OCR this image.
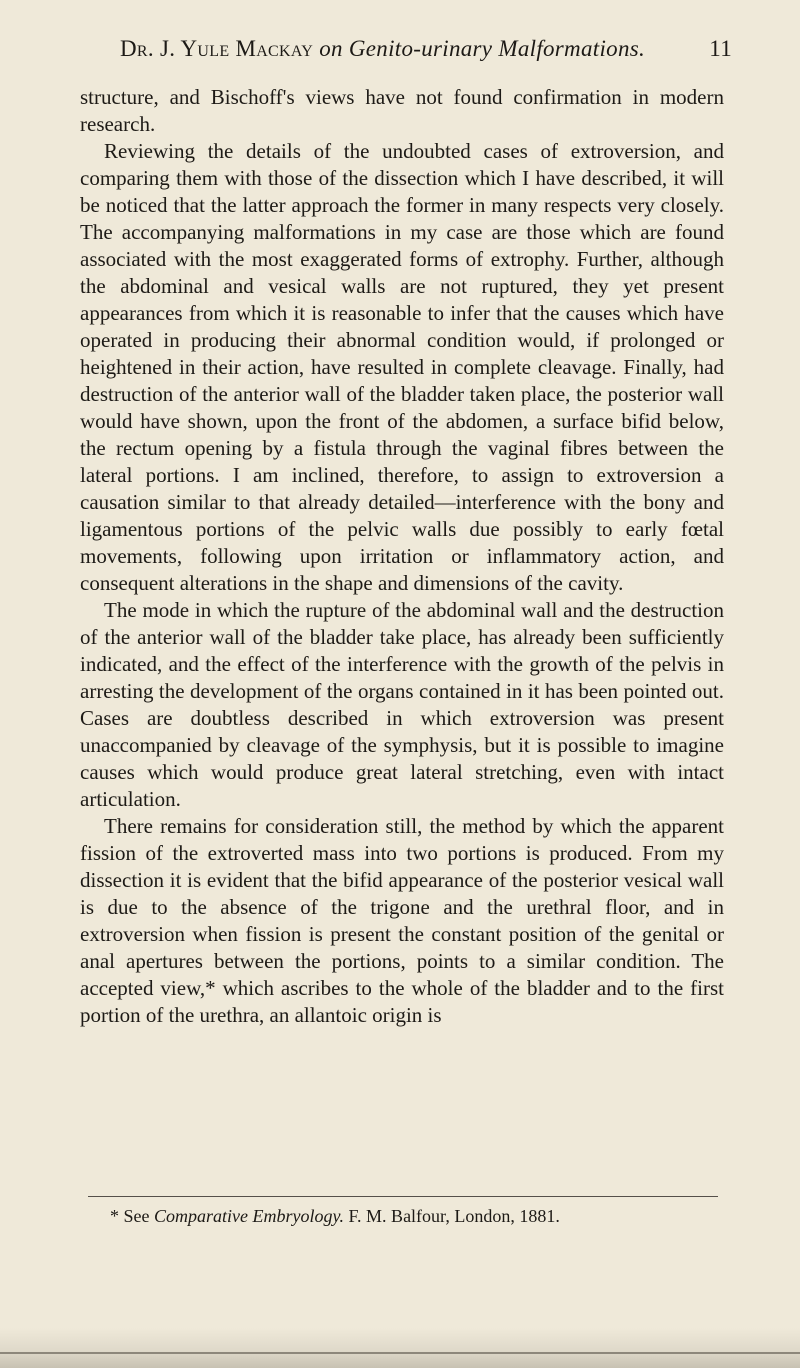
Dr. J. Yule Mackay on Genito-urinary Malformations.	11

structure, and Bischoff's views have not found confirmation in modern research.

Reviewing the details of the undoubted cases of extroversion, and comparing them with those of the dissection which I have described, it will be noticed that the latter approach the former in many respects very closely. The accompanying malformations in my case are those which are found associated with the most exaggerated forms of extrophy. Further, although the abdominal and vesical walls are not ruptured, they yet present appearances from which it is reasonable to infer that the causes which have operated in producing their abnormal condition would, if prolonged or heightened in their action, have resulted in complete cleavage. Finally, had destruction of the anterior wall of the bladder taken place, the posterior wall would have shown, upon the front of the abdomen, a surface bifid below, the rectum opening by a fistula through the vaginal fibres between the lateral portions. I am inclined, therefore, to assign to extroversion a causation similar to that already detailed—interference with the bony and ligamentous portions of the pelvic walls due possibly to early fœtal movements, following upon irritation or inflammatory action, and consequent alterations in the shape and dimensions of the cavity.

The mode in which the rupture of the abdominal wall and the destruction of the anterior wall of the bladder take place, has already been sufficiently indicated, and the effect of the interference with the growth of the pelvis in arresting the development of the organs contained in it has been pointed out. Cases are doubtless described in which extroversion was present unaccompanied by cleavage of the symphysis, but it is possible to imagine causes which would produce great lateral stretching, even with intact articulation.

There remains for consideration still, the method by which the apparent fission of the extroverted mass into two portions is produced. From my dissection it is evident that the bifid appearance of the posterior vesical wall is due to the absence of the trigone and the urethral floor, and in extroversion when fission is present the constant position of the genital or anal apertures between the portions, points to a similar condition. The accepted view,* which ascribes to the whole of the bladder and to the first portion of the urethra, an allantoic origin is

* See Comparative Embryology. F. M. Balfour, London, 1881.
